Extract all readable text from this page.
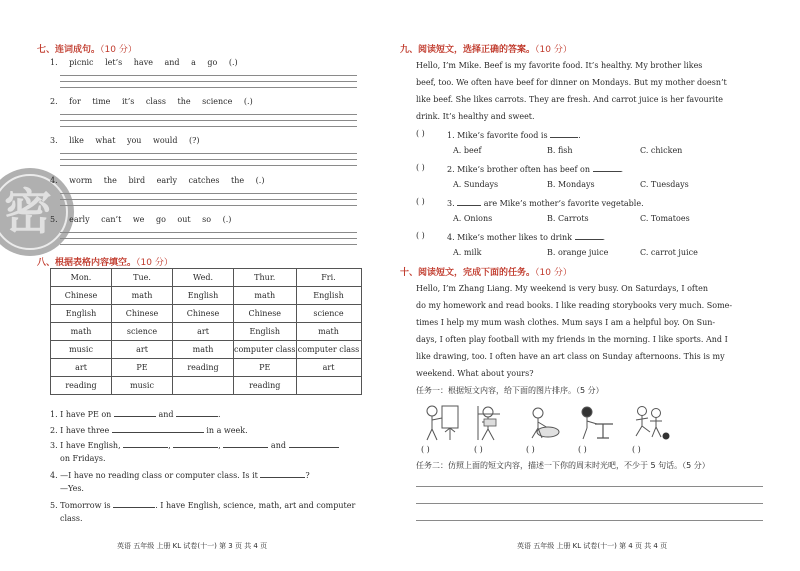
密
七、连词成句。（10 分）
1. picnic let’s have and a go (.)
2. for time it’s class the science (.)
3. like what you would (?)
4. worm the bird early catches the (.)
5. early can’t we go out so (.)
八、根据表格内容填空。（10 分）
Mon.	Tue.	Wed.	Thur.	Fri.
Chinese	math	English	math	English
English	Chinese	Chinese	Chinese	science
math	science	art	English	math
music	art	math	computer class	computer class
art	PE	reading	PE	art
reading	music		reading	
1. I have PE on	and	.
2. I have three	in a week.
3. I have English,	,	,	and
on Fridays.
4. —I have no reading class or computer class. Is it	?
—Yes.
5. Tomorrow is	. I have English, science, math, art and computer
class.
英语 五年级 上册 KL 试卷(十一) 第 3 页 共 4 页
九、阅读短文，选择正确的答案。（10 分）
Hello, I’m Mike. Beef is my favorite food. It’s healthy. My brother likes
beef, too. We often have beef for dinner on Mondays. But my mother doesn’t
like beef. She likes carrots. They are fresh. And carrot juice is her favourite
drink. It’s healthy and sweet.
( )	1. Mike’s favorite food is	.
A. beef	B. fish	C. chicken
( )	2. Mike’s brother often has beef on	.
A. Sundays	B. Mondays	C. Tuesdays
( )	3.	are Mike’s mother’s favorite vegetable.
A. Onions	B. Carrots	C. Tomatoes
( )	4. Mike’s mother likes to drink	.
A. milk	B. orange juice	C. carrot juice
十、阅读短文，完成下面的任务。（10 分）
Hello, I’m Zhang Liang. My weekend is very busy. On Saturdays, I often
do my homework and read books. I like reading storybooks very much. Some-
times I help my mum wash clothes. Mum says I am a helpful boy. On Sun-
days, I often play football with my friends in the morning. I like sports. And I
like drawing, too. I often have an art class on Sunday afternoons. This is my
weekend. What about yours?
任务一：根据短文内容，给下面的图片排序。（5 分）
( )	( )	( )	( )	( )
任务二：仿照上面的短文内容，描述一下你的周末时光吧，不少于 5 句话。（5 分）
英语 五年级 上册 KL 试卷(十一) 第 4 页 共 4 页
